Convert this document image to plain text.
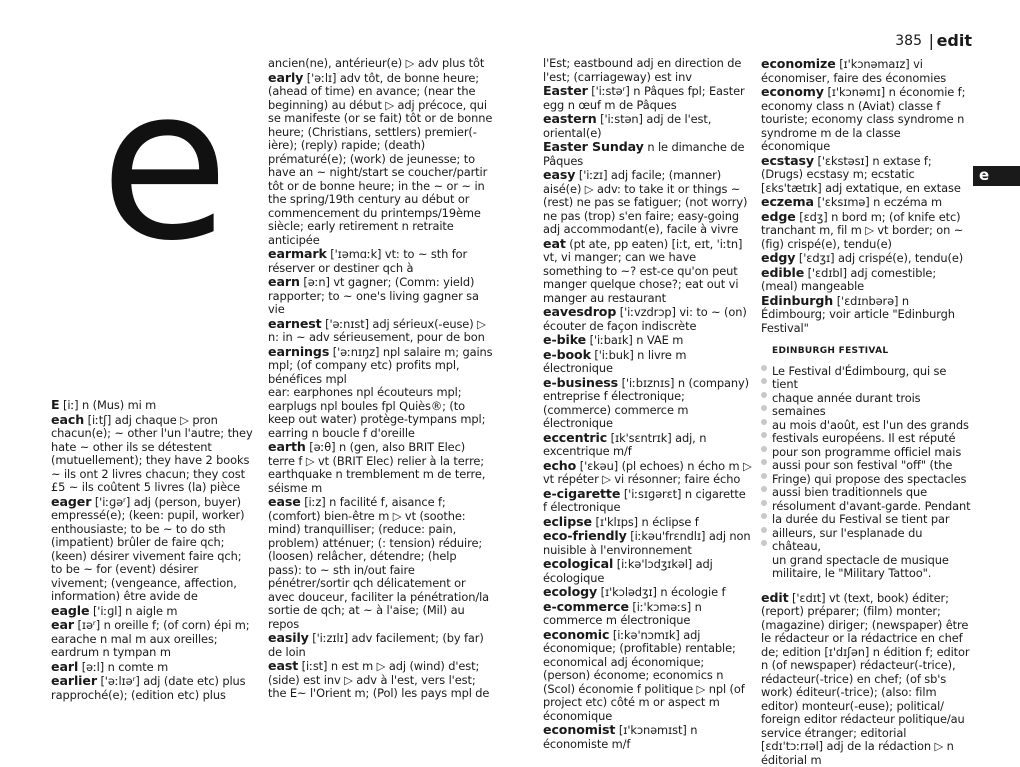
385 | edit
e	e

E [iː] n (Mus) mi m

each [iːtʃ] adj chaque ▷ pron chacun(e); ~ other l'un l'autre; they hate ~ other ils se détestent (mutuellement); they have 2 books ~ ils ont 2 livres chacun; they cost £5 ~ ils coûtent 5 livres (la) pièce

eager ['iːɡəʳ] adj (person, buyer) empressé(e); (keen: pupil, worker) enthousiaste; to be ~ to do sth (impatient) brûler de faire qch; (keen) désirer vivement faire qch; to be ~ for (event) désirer vivement; (vengeance, affection, information) être avide de

eagle ['iːɡl] n aigle m

ear [ɪəʳ] n oreille f; (of corn) épi m; earache n mal m aux oreilles; eardrum n tympan m

earl [əːl] n comte m

earlier ['əːlɪəʳ] adj (date etc) plus rapproché(e); (edition etc) plus

ancien(ne), antérieur(e) ▷ adv plus tôt

early ['əːlɪ] adv tôt, de bonne heure; (ahead of time) en avance; (near the beginning) au début ▷ adj précoce, qui se manifeste (or se fait) tôt or de bonne heure; (Christians, settlers) premier(-ière); (reply) rapide; (death) prématuré(e); (work) de jeunesse; to have an ~ night/start se coucher/partir tôt or de bonne heure; in the ~ or ~ in the spring/19th century au début or commencement du printemps/19ème siècle; early retirement n retraite anticipée

earmark ['ɪəmɑːk] vt: to ~ sth for réserver or destiner qch à

earn [əːn] vt gagner; (Comm: yield) rapporter; to ~ one's living gagner sa vie

earnest ['əːnɪst] adj sérieux(-euse) ▷ n: in ~ adv sérieusement, pour de bon

earnings ['əːnɪŋz] npl salaire m; gains mpl; (of company etc) profits mpl, bénéfices mpl

ear: earphones npl écouteurs mpl; earplugs npl boules fpl Quiès®; (to keep out water) protège-tympans mpl; earring n boucle f d'oreille

earth [əːθ] n (gen, also BRIT Elec) terre f ▷ vt (BRIT Elec) relier à la terre; earthquake n tremblement m de terre, séisme m

ease [iːz] n facilité f, aisance f; (comfort) bien-être m ▷ vt (soothe: mind) tranquilliser; (reduce: pain, problem) atténuer; (: tension) réduire; (loosen) relâcher, détendre; (help pass): to ~ sth in/out faire pénétrer/sortir qch délicatement or avec douceur, faciliter la pénétration/la sortie de qch; at ~ à l'aise; (Mil) au repos

easily ['iːzɪlɪ] adv facilement; (by far) de loin

east [iːst] n est m ▷ adj (wind) d'est; (side) est inv ▷ adv à l'est, vers l'est; the E~ l'Orient m; (Pol) les pays mpl de

l'Est; eastbound adj en direction de l'est; (carriageway) est inv

Easter ['iːstəʳ] n Pâques fpl; Easter egg n œuf m de Pâques

eastern ['iːstən] adj de l'est, oriental(e)

Easter Sunday n le dimanche de Pâques

easy ['iːzɪ] adj facile; (manner) aisé(e) ▷ adv: to take it or things ~ (rest) ne pas se fatiguer; (not worry) ne pas (trop) s'en faire; easy-going adj accommodant(e), facile à vivre

eat (pt ate, pp eaten) [iːt, eɪt, 'iːtn] vt, vi manger; can we have something to ~? est-ce qu'on peut manger quelque chose?; eat out vi manger au restaurant

eavesdrop ['iːvzdrɔp] vi: to ~ (on) écouter de façon indiscrète

e-bike ['iːbaɪk] n VAE m

e-book ['iːbuk] n livre m électronique

e-business ['iːbɪznɪs] n (company) entreprise f électronique; (commerce) commerce m électronique

eccentric [ɪk'sɛntrɪk] adj, n excentrique m/f

echo ['ɛkəu] (pl echoes) n écho m ▷ vt répéter ▷ vi résonner; faire écho

e-cigarette ['iːsɪɡərɛt] n cigarette f électronique

eclipse [ɪ'klɪps] n éclipse f

eco-friendly [iːkəu'frɛndlɪ] adj non nuisible à l'environnement

ecological [iːkə'lɔdʒɪkəl] adj écologique

ecology [ɪ'kɔlədʒɪ] n écologie f

e-commerce [iː'kɔməːs] n commerce m électronique

economic [iːkə'nɔmɪk] adj économique; (profitable) rentable; economical adj économique; (person) économe; economics n (Scol) économie f politique ▷ npl (of project etc) côté m or aspect m économique

economist [ɪ'kɔnəmɪst] n économiste m/f

economize [ɪ'kɔnəmaɪz] vi économiser, faire des économies

economy [ɪ'kɔnəmɪ] n économie f; economy class n (Aviat) classe f touriste; economy class syndrome n syndrome m de la classe économique

ecstasy ['ɛkstəsɪ] n extase f; (Drugs) ecstasy m; ecstatic [ɛks'tætɪk] adj extatique, en extase

eczema ['ɛksɪmə] n eczéma m

edge [ɛdʒ] n bord m; (of knife etc) tranchant m, fil m ▷ vt border; on ~ (fig) crispé(e), tendu(e)

edgy ['ɛdʒɪ] adj crispé(e), tendu(e)

edible ['ɛdɪbl] adj comestible; (meal) mangeable

Edinburgh ['ɛdɪnbərə] n Édimbourg; voir article "Edinburgh Festival"

EDINBURGH FESTIVAL

Le Festival d'Édimbourg, qui se tient

chaque année durant trois semaines

au mois d'août, est l'un des grands

festivals européens. Il est réputé

pour son programme officiel mais

aussi pour son festival "off" (the

Fringe) qui propose des spectacles

aussi bien traditionnels que

résolument d'avant-garde. Pendant

la durée du Festival se tient par

ailleurs, sur l'esplanade du château,

un grand spectacle de musique

militaire, le "Military Tattoo".

edit ['ɛdɪt] vt (text, book) éditer; (report) préparer; (film) monter; (magazine) diriger; (newspaper) être le rédacteur or la rédactrice en chef de; edition [ɪ'dɪʃən] n édition f; editor n (of newspaper) rédacteur(-trice), rédacteur(-trice) en chef; (of sb's work) éditeur(-trice); (also: film editor) monteur(-euse); political/ foreign editor rédacteur politique/au service étranger; editorial [ɛdɪ'tɔːrɪəl] adj de la rédaction ▷ n éditorial m
